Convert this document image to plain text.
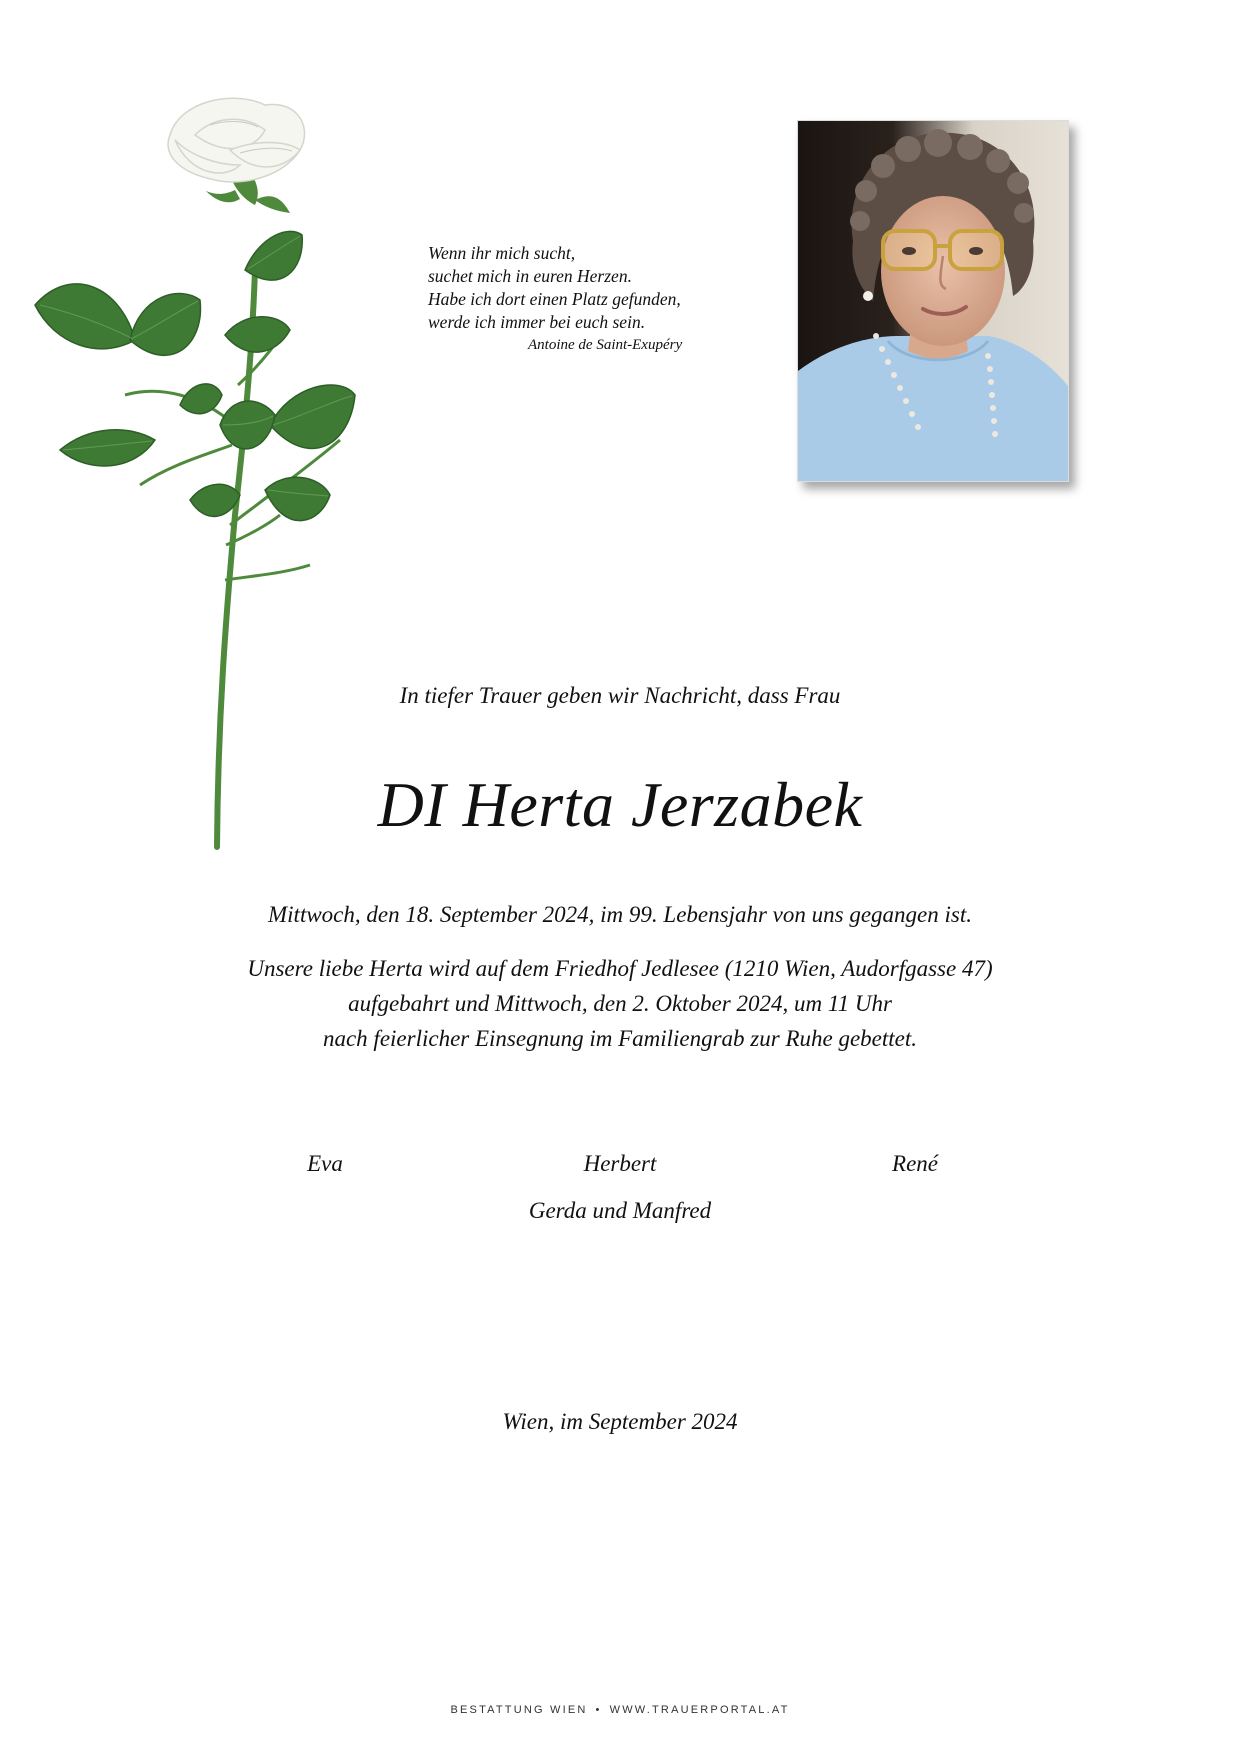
Wenn ihr mich sucht,
suchet mich in euren Herzen.
Habe ich dort einen Platz gefunden,
werde ich immer bei euch sein.
Antoine de Saint-Exupéry
In tiefer Trauer geben wir Nachricht, dass Frau
DI Herta Jerzabek
Mittwoch, den 18. September 2024, im 99. Lebensjahr von uns gegangen ist.
Unsere liebe Herta wird auf dem Friedhof Jedlesee (1210 Wien, Audorfgasse 47)
aufgebahrt und Mittwoch, den 2. Oktober 2024, um 11 Uhr
nach feierlicher Einsegnung im Familiengrab zur Ruhe gebettet.
Eva	Herbert	René
Gerda und Manfred
Wien, im September 2024
BESTATTUNG WIEN • WWW.TRAUERPORTAL.AT
